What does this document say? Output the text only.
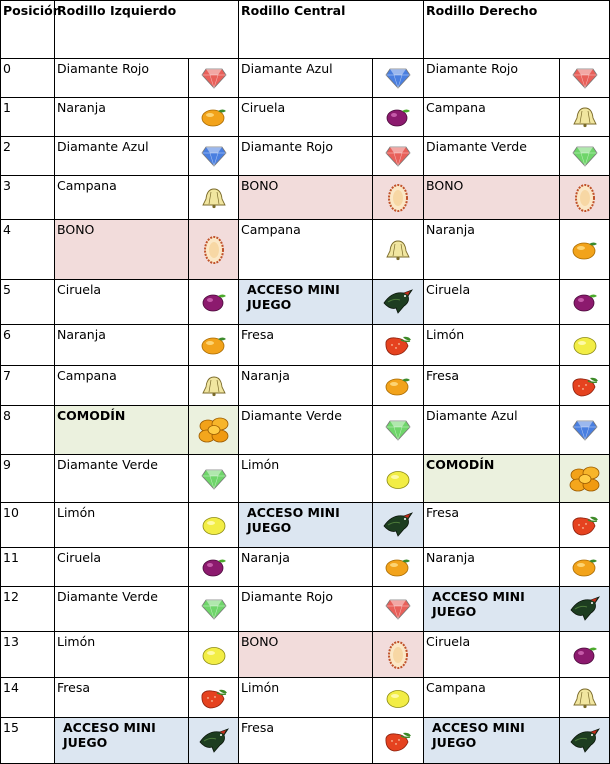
Posición	Rodillo Izquierdo		Rodillo Central		Rodillo Derecho	
0	Diamante Rojo		Diamante Azul		Diamante Rojo	
1	Naranja		Ciruela		Campana	
2	Diamante Azul		Diamante Rojo		Diamante Verde	
3	Campana		BONO		BONO	
4	BONO		Campana		Naranja	
5	Ciruela		ACCESO MINI JUEGO		Ciruela	
6	Naranja		Fresa		Limón	
7	Campana		Naranja		Fresa	
8	COMODÍN		Diamante Verde		Diamante Azul	
9	Diamante Verde		Limón		COMODÍN	
10	Limón		ACCESO MINI JUEGO		Fresa	
11	Ciruela		Naranja		Naranja	
12	Diamante Verde		Diamante Rojo		ACCESO MINI JUEGO	
13	Limón		BONO		Ciruela	
14	Fresa		Limón		Campana	
15	ACCESO MINI JUEGO		Fresa		ACCESO MINI JUEGO	
